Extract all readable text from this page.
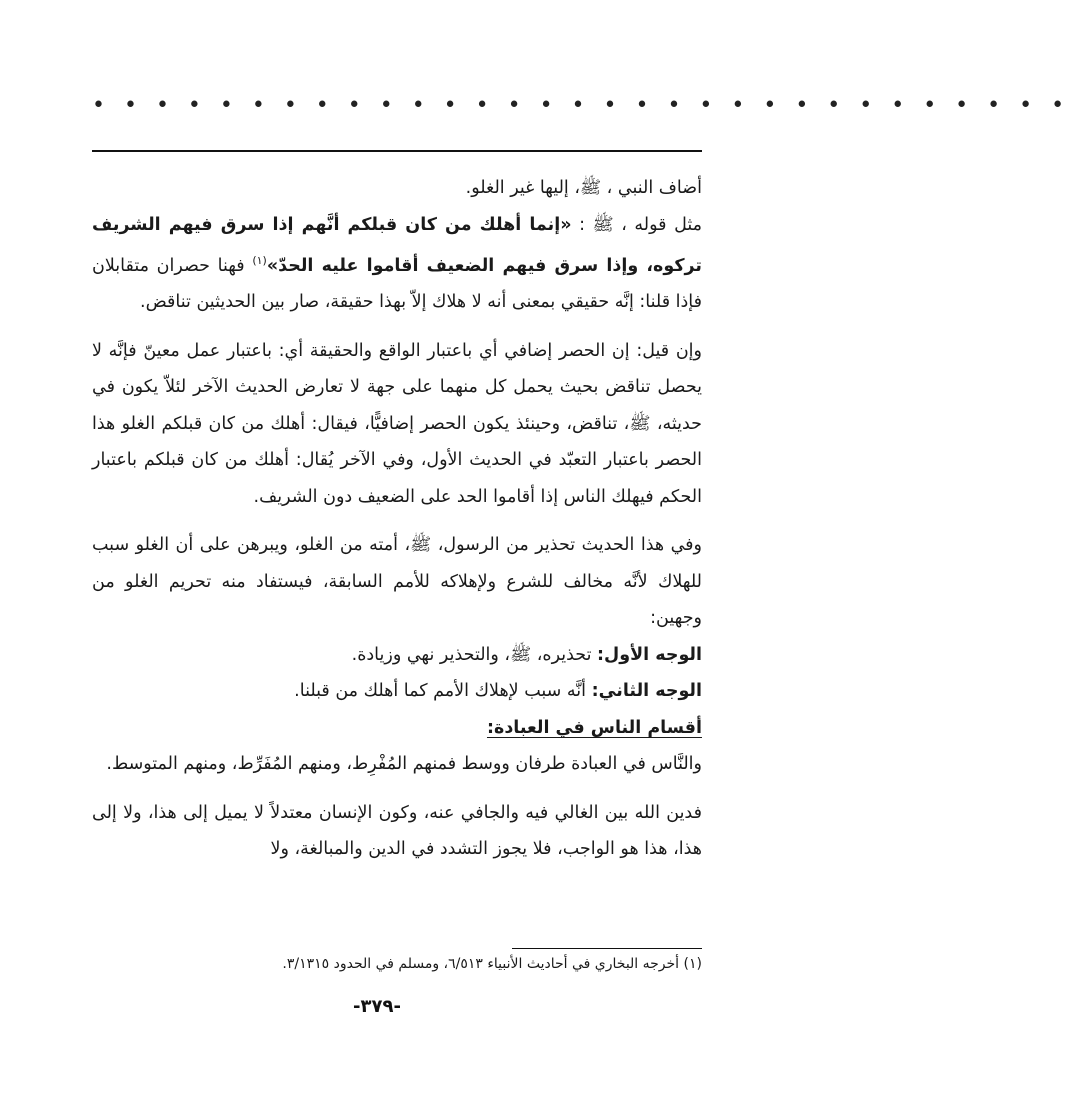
• • • • • • • • • • • • • • • • • • • • • • • • • • • • • • •

أضاف النبي ، ﷺ، إليها غير الغلو.

مثل قوله ، ﷺ : «إنما أهلك من كان قبلكم أنَّهم إذا سرق فيهم الشريف تركوه، وإذا سرق فيهم الضعيف أقاموا عليه الحدّ»$^{(١)}$ فهنا حصران متقابلان فإذا قلنا: إنَّه حقيقي بمعنى أنه لا هلاك إلاّ بهذا حقيقة، صار بين الحديثين تناقض.

وإن قيل: إن الحصر إضافي أي باعتبار الواقع والحقيقة أي: باعتبار عمل معينّ فإنَّه لا يحصل تناقض بحيث يحمل كل منهما على جهة لا تعارض الحديث الآخر لئلاّ يكون في حديثه، ﷺ، تناقض، وحينئذ يكون الحصر إضافيًّا، فيقال: أهلك من كان قبلكم الغلو هذا الحصر باعتبار التعبّد في الحديث الأول، وفي الآخر يُقال: أهلك من كان قبلكم باعتبار الحكم فيهلك الناس إذا أقاموا الحد على الضعيف دون الشريف.

وفي هذا الحديث تحذير من الرسول، ﷺ، أمته من الغلو، ويبرهن على أن الغلو سبب للهلاك لأنَّه مخالف للشرع ولإهلاكه للأمم السابقة، فيستفاد منه تحريم الغلو من وجهين:

الوجه الأول: تحذيره، ﷺ، والتحذير نهي وزيادة.

الوجه الثاني: أنَّه سبب لإهلاك الأمم كما أهلك من قبلنا.

أقسام الناس في العبادة:

والنَّاس في العبادة طرفان ووسط فمنهم المُفْرِط، ومنهم المُفَرِّط، ومنهم المتوسط.

فدين الله بين الغالي فيه والجافي عنه، وكون الإنسان معتدلاً لا يميل إلى هذا، ولا إلى هذا، هذا هو الواجب، فلا يجوز التشدد في الدين والمبالغة، ولا

(١) أخرجه البخاري في أحاديث الأنبياء ٦/٥١٣، ومسلم في الحدود ٣/١٣١٥.
-٣٧٩-
